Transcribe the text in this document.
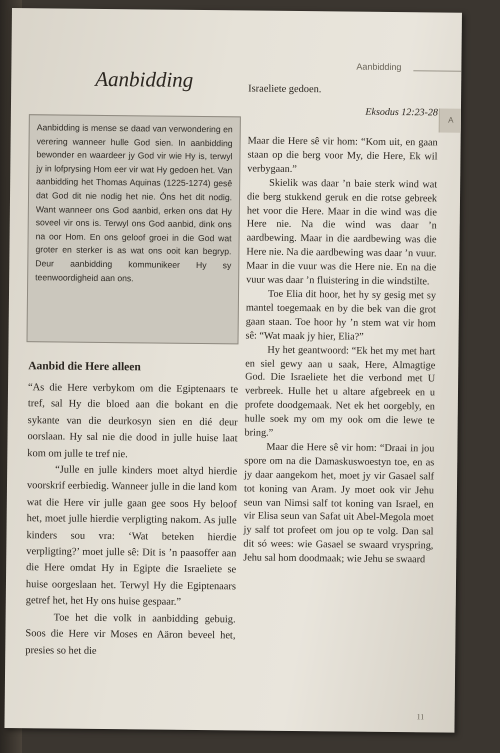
Aanbidding
A
Aanbidding
Aanbidding is mense se daad van verwondering en verering wanneer hulle God sien. In aanbidding bewonder en waardeer jy God vir wie Hy is, terwyl jy in lofprysing Hom eer vir wat Hy gedoen het. Van aanbidding het Thomas Aquinas (1225-1274) gesê dat God dit nie nodig het nie. Óns het dit nodig. Want wanneer ons God aanbid, erken ons dat Hy soveel vir ons is. Terwyl ons God aanbid, dink ons na oor Hom. En ons geloof groei in die God wat groter en sterker is as wat ons ooit kan begryp. Deur aanbidding kommunikeer Hy sy teenwoordigheid aan ons.
Aanbid die Here alleen

“As die Here verbykom om die Egiptenaars te tref, sal Hy die bloed aan die bokant en die sykante van die deurkosyn sien en dié deur oorslaan. Hy sal nie die dood in julle huise laat kom om julle te tref nie.

“Julle en julle kinders moet altyd hierdie voorskrif eerbiedig. Wanneer julle in die land kom wat die Here vir julle gaan gee soos Hy beloof het, moet julle hierdie verpligting nakom. As julle kinders sou vra: ‘Wat beteken hierdie verpligting?’ moet julle sê: Dit is ’n paasoffer aan die Here omdat Hy in Egipte die Israeliete se huise oorgeslaan het. Terwyl Hy die Egiptenaars getref het, het Hy ons huise gespaar.”

Toe het die volk in aanbidding gebuig. Soos die Here vir Moses en Aäron beveel het, presies so het die

Israeliete gedoen.

Eksodus 12:23-28

Maar die Here sê vir hom: “Kom uit, en gaan staan op die berg voor My, die Here, Ek wil verbygaan.”

Skielik was daar ’n baie sterk wind wat die berg stukkend geruk en die rotse gebreek het voor die Here. Maar in die wind was die Here nie. Na die wind was daar ’n aardbewing. Maar in die aardbewing was die Here nie. Na die aardbewing was daar ’n vuur. Maar in die vuur was die Here nie. En na die vuur was daar ’n fluistering in die windstilte.

Toe Elia dit hoor, het hy sy gesig met sy mantel toegemaak en by die bek van die grot gaan staan. Toe hoor hy ’n stem wat vir hom sê: “Wat maak jy hier, Elia?”

Hy het geantwoord: “Ek het my met hart en siel gewy aan u saak, Here, Almagtige God. Die Israeliete het die verbond met U verbreek. Hulle het u altare afgebreek en u profete doodgemaak. Net ek het oorgebly, en hulle soek my om my ook om die lewe te bring.”

Maar die Here sê vir hom: “Draai in jou spore om na die Damaskuswoestyn toe, en as jy daar aangekom het, moet jy vir Gasael salf tot koning van Aram. Jy moet ook vir Jehu seun van Nimsi salf tot koning van Israel, en vir Elisa seun van Safat uit Abel-Megola moet jy salf tot profeet om jou op te volg. Dan sal dit só wees: wie Gasael se swaard vryspring, Jehu sal hom doodmaak; wie Jehu se swaard

11
